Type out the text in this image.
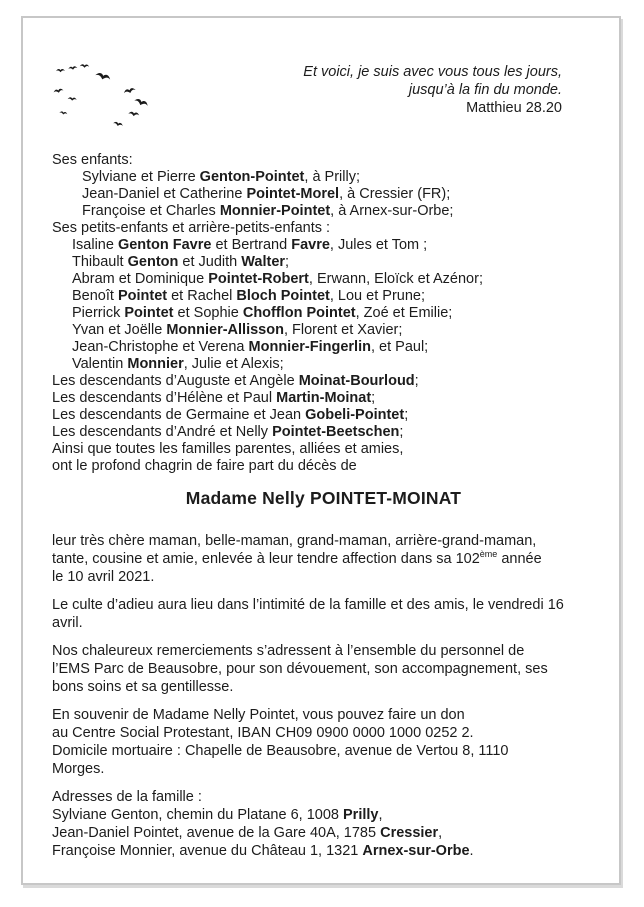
Et voici, je suis avec vous tous les jours,
jusqu’à la fin du monde.
Matthieu 28.20
Ses enfants:
Sylviane et Pierre Genton-Pointet, à Prilly;
Jean-Daniel et Catherine Pointet-Morel, à Cressier (FR);
Françoise et Charles Monnier-Pointet, à Arnex-sur-Orbe;
Ses petits-enfants et arrière-petits-enfants :
Isaline Genton Favre et Bertrand Favre, Jules et Tom ;
Thibault Genton et Judith Walter;
Abram et Dominique Pointet-Robert, Erwann, Eloïck et Azénor;
Benoît Pointet et Rachel Bloch Pointet, Lou et Prune;
Pierrick Pointet et Sophie Chofflon Pointet, Zoé et Emilie;
Yvan et Joëlle Monnier-Allisson, Florent et Xavier;
Jean-Christophe et Verena Monnier-Fingerlin, et Paul;
Valentin Monnier, Julie et Alexis;
Les descendants d’Auguste et Angèle Moinat-Bourloud;
Les descendants d’Hélène et Paul Martin-Moinat;
Les descendants de Germaine et Jean Gobeli-Pointet;
Les descendants d’André et Nelly Pointet-Beetschen;
Ainsi que toutes les familles parentes, alliées et amies,
ont le profond chagrin de faire part du décès de
Madame Nelly POINTET-MOINAT
leur très chère maman, belle-maman, grand-maman, arrière-grand-maman,
tante, cousine et amie, enlevée à leur tendre affection dans sa 102ème année
le 10 avril 2021.
Le culte d’adieu aura lieu dans l’intimité de la famille et des amis, le vendredi 16
avril.
Nos chaleureux remerciements s’adressent à l’ensemble du personnel de
l’EMS Parc de Beausobre, pour son dévouement, son accompagnement, ses
bons soins et sa gentillesse.
En souvenir de Madame Nelly Pointet, vous pouvez faire un don
au Centre Social Protestant, IBAN CH09 0900 0000 1000 0252 2.
Domicile mortuaire : Chapelle de Beausobre, avenue de Vertou 8, 1110
Morges.
Adresses de la famille :
Sylviane Genton, chemin du Platane 6, 1008 Prilly,
Jean-Daniel Pointet, avenue de la Gare 40A, 1785 Cressier,
Françoise Monnier, avenue du Château 1, 1321 Arnex-sur-Orbe.
